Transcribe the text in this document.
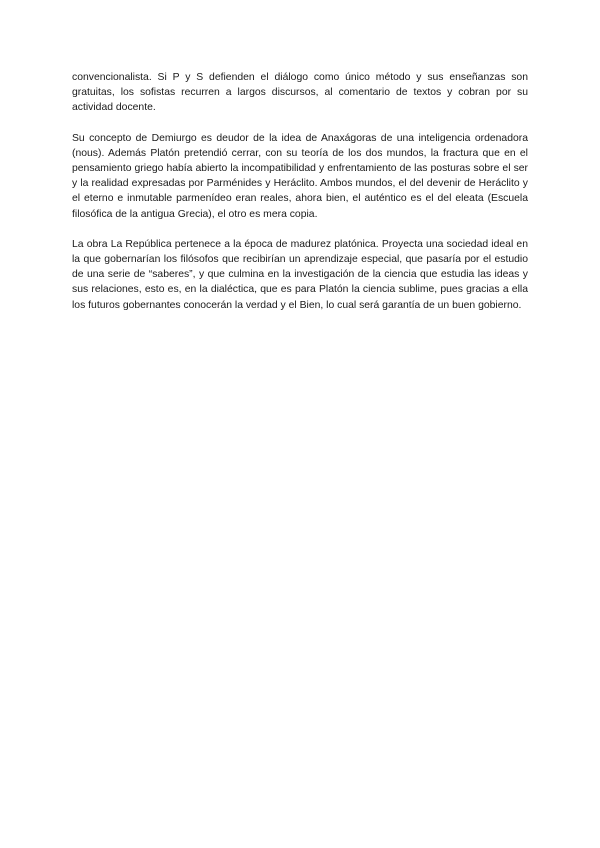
convencionalista. Si P y S defienden el diálogo como único método y sus enseñanzas son gratuitas, los sofistas recurren a largos discursos, al comentario de textos y cobran por su actividad docente.

Su concepto de Demiurgo es deudor de la idea de Anaxágoras de una inteligencia ordenadora (nous). Además Platón pretendió cerrar, con su teoría de los dos mundos, la fractura que en el pensamiento griego había abierto la incompatibilidad y enfrentamiento de las posturas sobre el ser y la realidad expresadas por Parménides y Heráclito. Ambos mundos, el del devenir de Heráclito y el eterno e inmutable parmenídeo eran reales, ahora bien, el auténtico es el del eleata (Escuela filosófica de la antigua Grecia), el otro es mera copia.

La obra La República pertenece a la época de madurez platónica. Proyecta una sociedad ideal en la que gobernarían los filósofos que recibirían un aprendizaje especial, que pasaría por el estudio de una serie de “saberes”, y que culmina en la investigación de la ciencia que estudia las ideas y sus relaciones, esto es, en la dialéctica, que es para Platón la ciencia sublime, pues gracias a ella los futuros gobernantes conocerán la verdad y el Bien, lo cual será garantía de un buen gobierno.
